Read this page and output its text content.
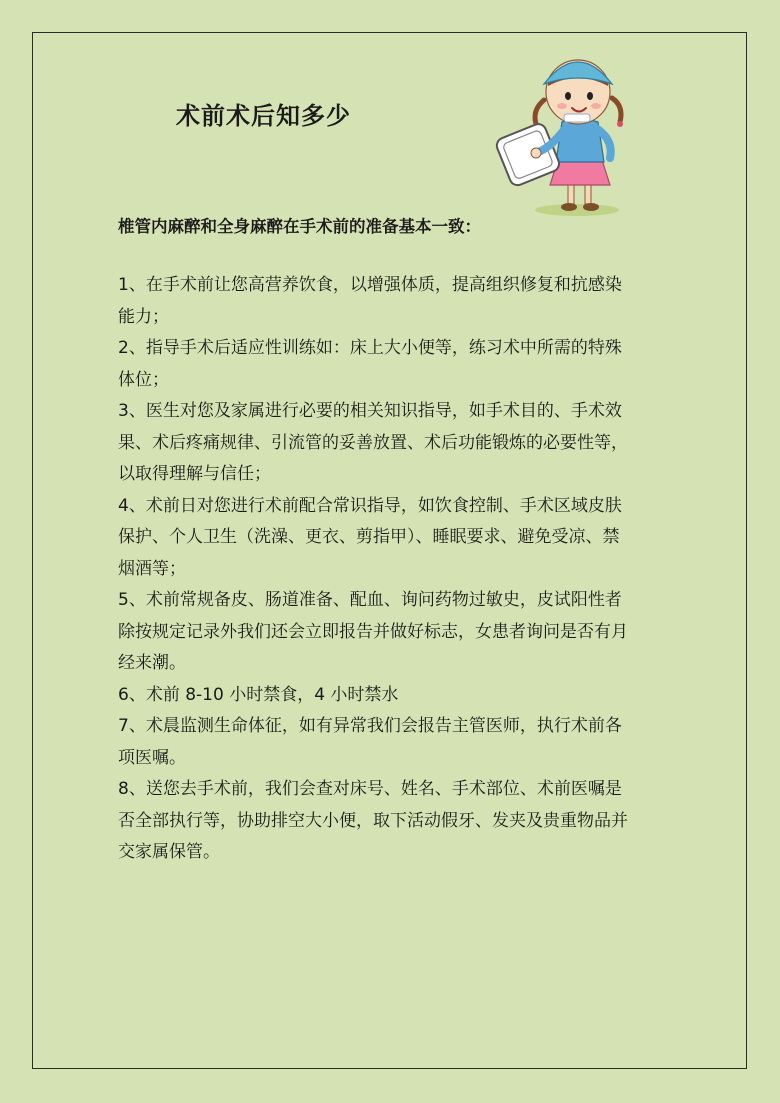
术前术后知多少
椎管内麻醉和全身麻醉在手术前的准备基本一致：

1、在手术前让您高营养饮食，以增强体质，提高组织修复和抗感染

能力；

2、指导手术后适应性训练如：床上大小便等，练习术中所需的特殊

体位；

3、医生对您及家属进行必要的相关知识指导，如手术目的、手术效

果、术后疼痛规律、引流管的妥善放置、术后功能锻炼的必要性等，

以取得理解与信任；

4、术前日对您进行术前配合常识指导，如饮食控制、手术区域皮肤

保护、个人卫生（洗澡、更衣、剪指甲）、睡眠要求、避免受凉、禁

烟酒等；

5、术前常规备皮、肠道准备、配血、询问药物过敏史，皮试阳性者

除按规定记录外我们还会立即报告并做好标志，女患者询问是否有月

经来潮。

6、术前 8-10 小时禁食，4 小时禁水

7、术晨监测生命体征，如有异常我们会报告主管医师，执行术前各

项医嘱。

8、送您去手术前，我们会查对床号、姓名、手术部位、术前医嘱是

否全部执行等，协助排空大小便，取下活动假牙、发夹及贵重物品并

交家属保管。
